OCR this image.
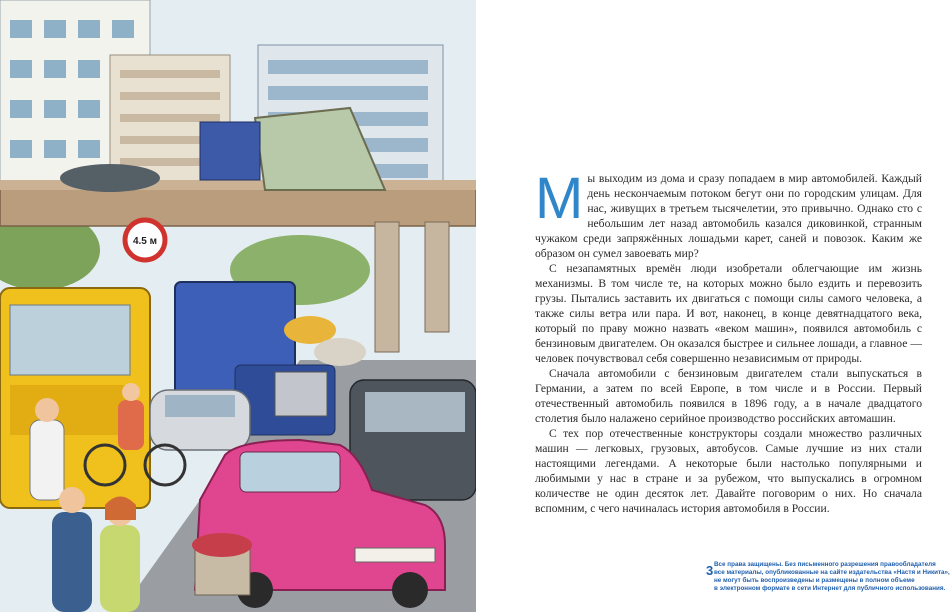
4.5 м

Мы выходим из дома и сразу попадаем в мир автомобилей. Каждый день нескончаемым потоком бегут они по городским улицам. Для нас, живущих в третьем тысячелетии, это привычно. Однако сто с небольшим лет назад автомобиль казался диковинкой, странным чужаком среди запряжённых лошадьми карет, саней и повозок. Каким же образом он сумел завоевать мир?

С незапамятных времён люди изобретали облегчающие им жизнь механизмы. В том числе те, на которых можно было ездить и перевозить грузы. Пытались заставить их двигаться с помощи силы самого человека, а также силы ветра или пара. И вот, наконец, в конце девятнадцатого века, который по праву можно назвать «веком машин», появился автомобиль с бензиновым двигателем. Он оказался быстрее и сильнее лошади, а главное — человек почувствовал себя совершенно независимым от природы.

Сначала автомобили с бензиновым двигателем стали выпускаться в Германии, а затем по всей Европе, в том числе и в России. Первый отечественный автомобиль появился в 1896 году, а в начале двадцатого столетия было налажено серийное производство российских автомашин.

С тех пор отечественные конструкторы создали множество различных машин — легковых, грузовых, автобусов. Самые лучшие из них стали настоящими легендами. А некоторые были настолько популярными и любимыми у нас в стране и за рубежом, что выпускались в огромном количестве не один десяток лет. Давайте поговорим о них. Но сначала вспомним, с чего начиналась история автомобиля в России.

3 Все права защищены. Без письменного разрешения правообладателя
все материалы, опубликованные на сайте издательства «Настя и Никита»,
не могут быть воспроизведены и размещены в полном объеме
в электронном формате в сети Интернет для публичного использования.
